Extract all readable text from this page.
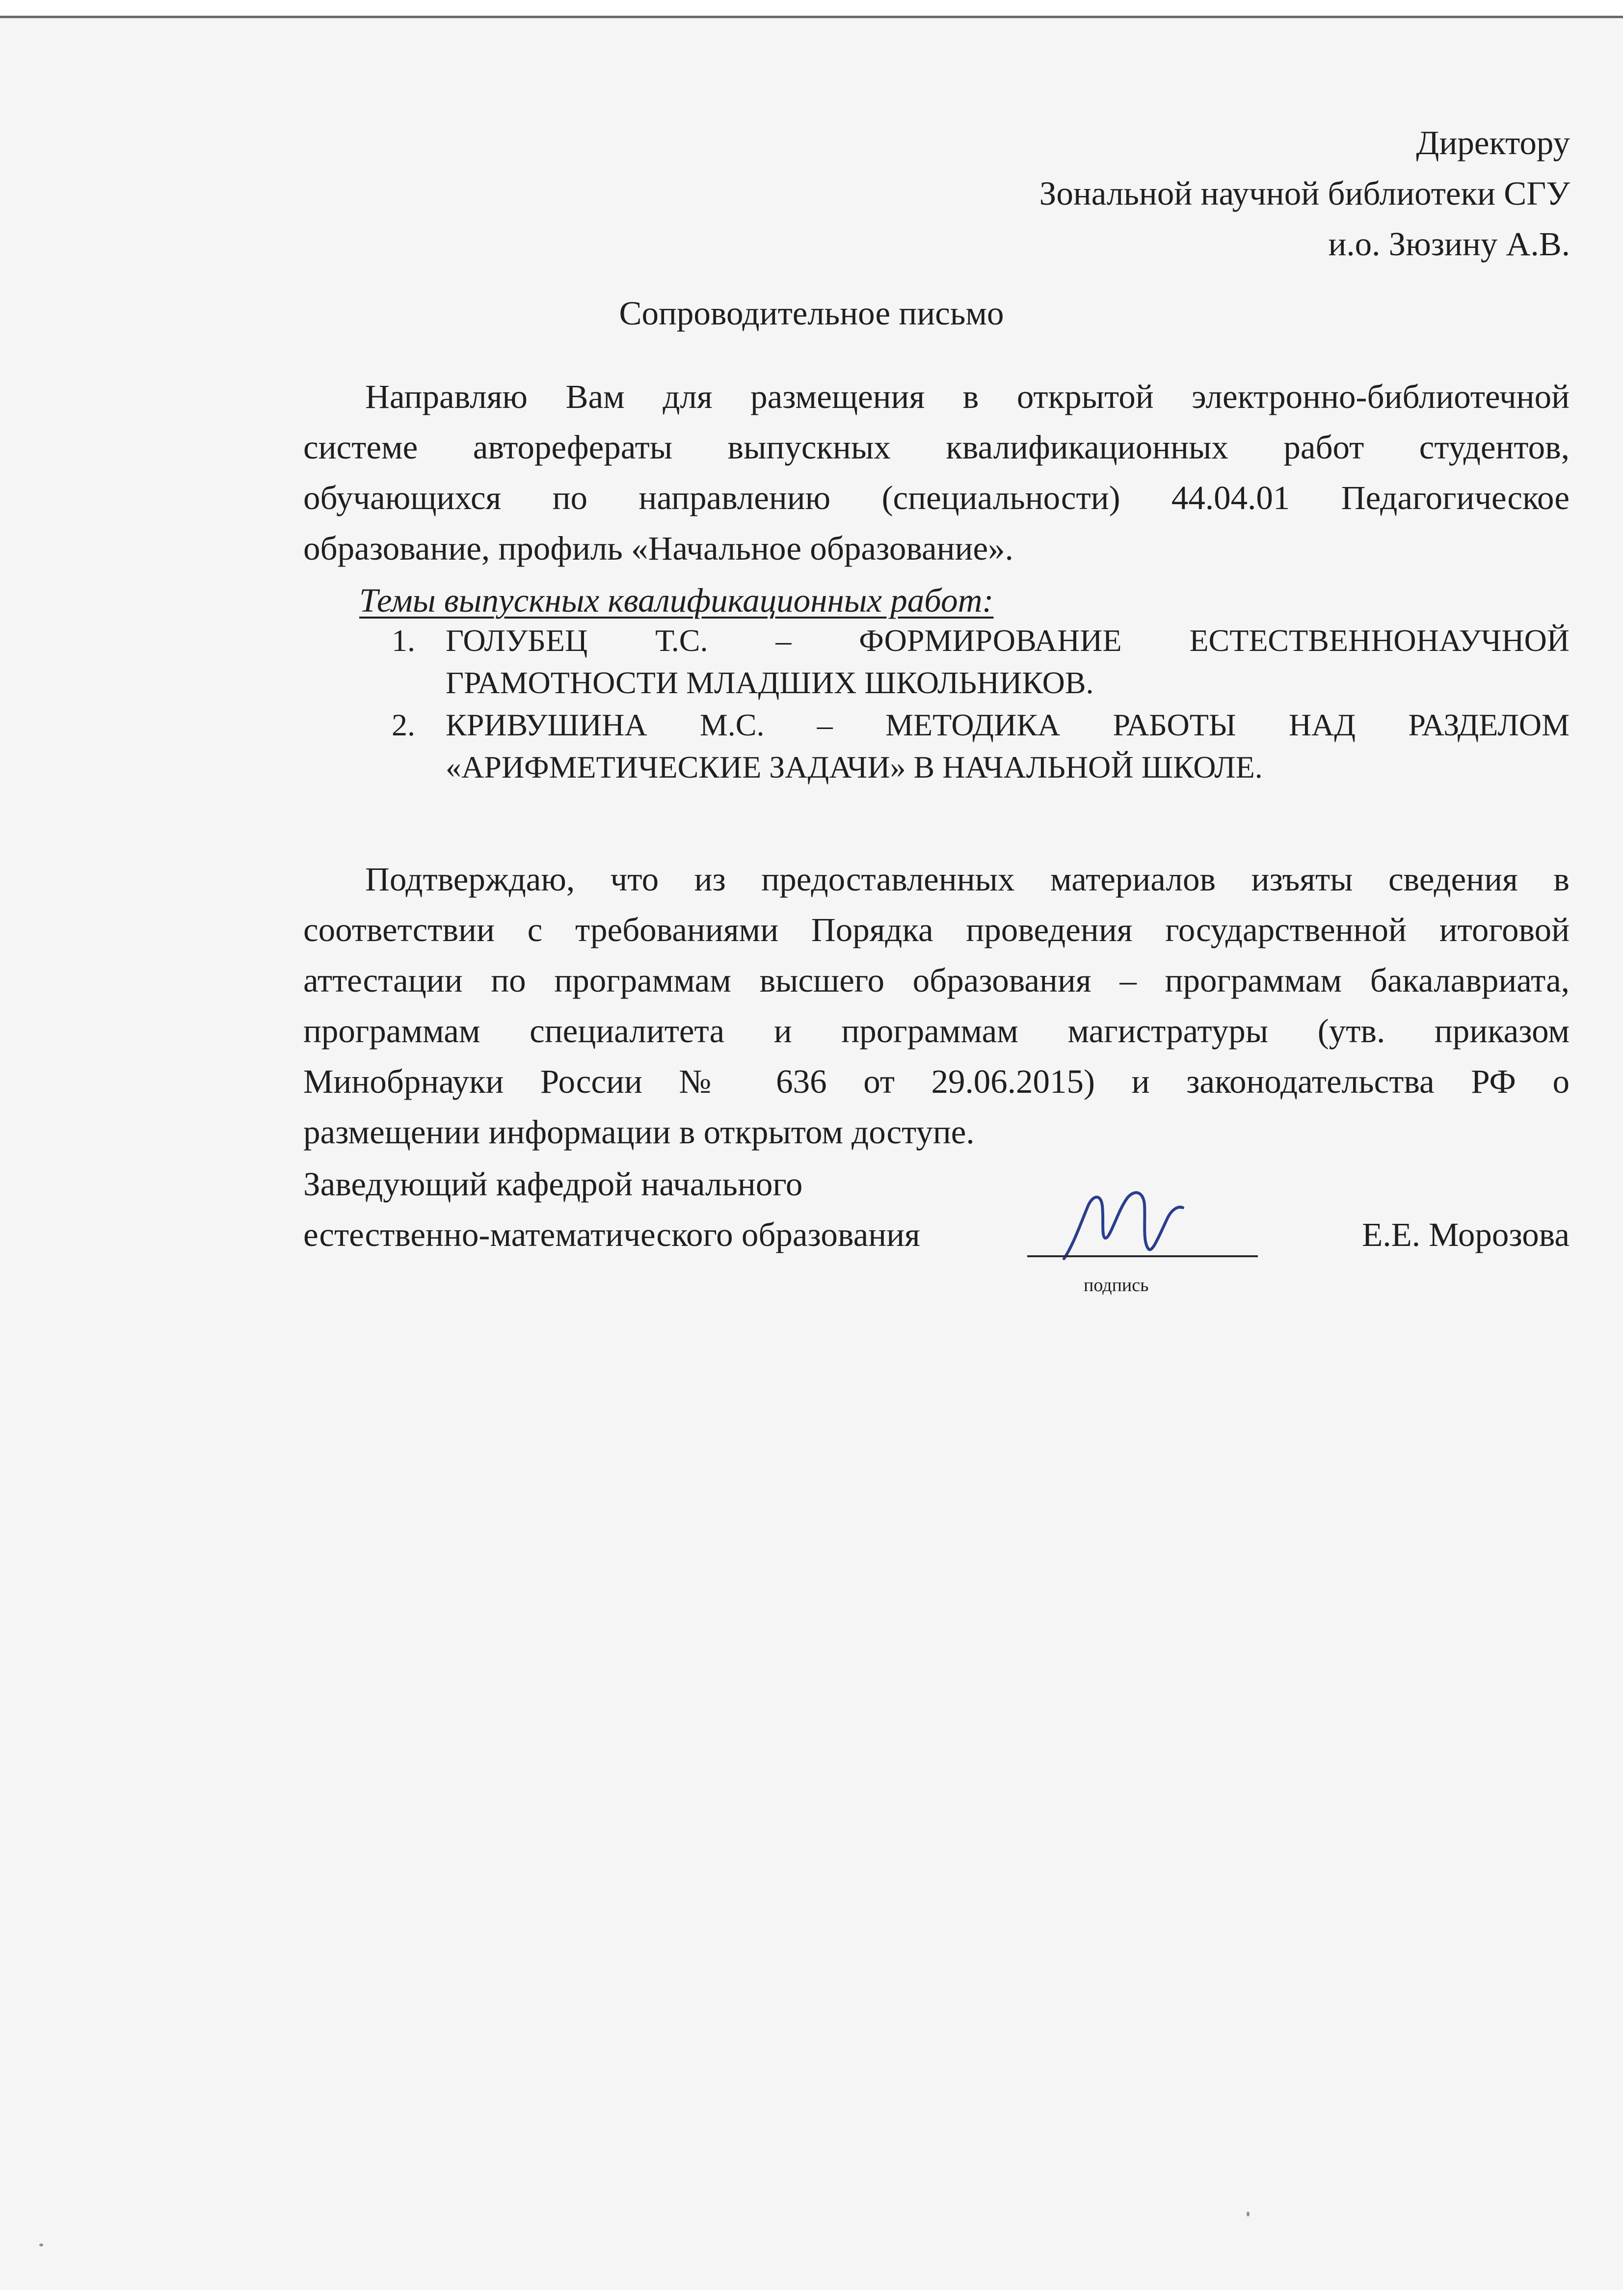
Директору
Зональной научной библиотеки СГУ
и.о. Зюзину А.В.
Сопроводительное письмо
Направляю Вам для размещения в открытой электронно-библиотечной
системе авторефераты выпускных квалификационных работ студентов,
обучающихся по направлению (специальности) 44.04.01 Педагогическое
образование, профиль «Начальное образование».
Темы выпускных квалификационных работ:
1. ГОЛУБЕЦ Т.С. – ФОРМИРОВАНИЕ ЕСТЕСТВЕННОНАУЧНОЙ
ГРАМОТНОСТИ МЛАДШИХ ШКОЛЬНИКОВ.
2. КРИВУШИНА М.С. – МЕТОДИКА РАБОТЫ НАД РАЗДЕЛОМ
«АРИФМЕТИЧЕСКИЕ ЗАДАЧИ» В НАЧАЛЬНОЙ ШКОЛЕ.
Подтверждаю, что из предоставленных материалов изъяты сведения в
соответствии с требованиями Порядка проведения государственной итоговой
аттестации по программам высшего образования – программам бакалавриата,
программам специалитета и программам магистратуры (утв. приказом
Минобрнауки России № 636 от 29.06.2015) и законодательства РФ о
размещении информации в открытом доступе.
Заведующий кафедрой начального
естественно-математического образования
подпись
Е.Е. Морозова
